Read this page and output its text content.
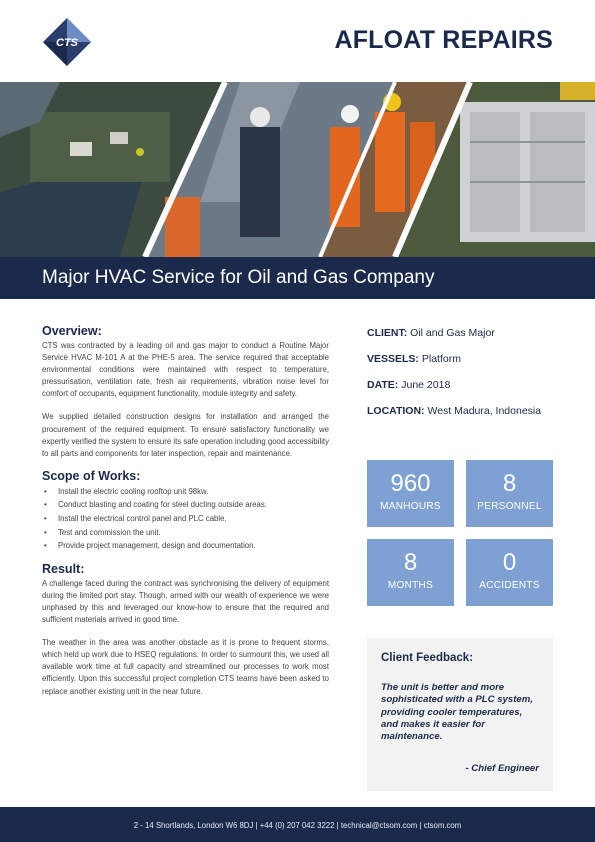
CTS	AFLOAT REPAIRS
Major HVAC Service for Oil and Gas Company
Overview:

CTS was contracted by a leading oil and gas major to conduct a Routine Major Service HVAC M-101 A at the PHE-5 area. The service required that acceptable environmental conditions were maintained with respect to temperature, pressurisation, ventilation rate, fresh air requirements, vibration noise level for comfort of occupants, equipment functionality, module integrity and safety.

We supplied detailed construction designs for installation and arranged the procurement of the required equipment. To ensure satisfactory functionality we expertly verified the system to ensure its safe operation including good accessibility to all parts and components for later inspection, repair and maintenance.

Scope of Works:
• Install the electric cooling rooftop unit 98kw.
• Conduct blasting and coating for steel ducting outside areas.
• Install the electrical control panel and PLC cable.
• Test and commission the unit.
• Provide project management, design and documentation.
Result:

A challenge faced during the contract was synchronising the delivery of equipment during the limited port stay. Though, armed with our wealth of experience we were unphased by this and leveraged our know-how to ensure that the required and sufficient materials arrived in good time.

The weather in the area was another obstacle as it is prone to frequent storms, which held up work due to HSEQ regulations. In order to surmount this, we used all available work time at full capacity and streamlined our processes to work most efficiently. Upon this successful project completion CTS teams have been asked to replace another existing unit in the near future.

CLIENT: Oil and Gas Major
VESSELS: Platform
DATE: June 2018
LOCATION: West Madura, Indonesia
960
MANHOURS
8
PERSONNEL
8
MONTHS
0
ACCIDENTS
Client Feedback:
The unit is better and more sophisticated with a PLC system, providing cooler temperatures, and makes it easier for maintenance.
- Chief Engineer
2 - 14 Shortlands, London W6 8DJ | +44 (0) 207 042 3222 | technical@ctsom.com | ctsom.com
